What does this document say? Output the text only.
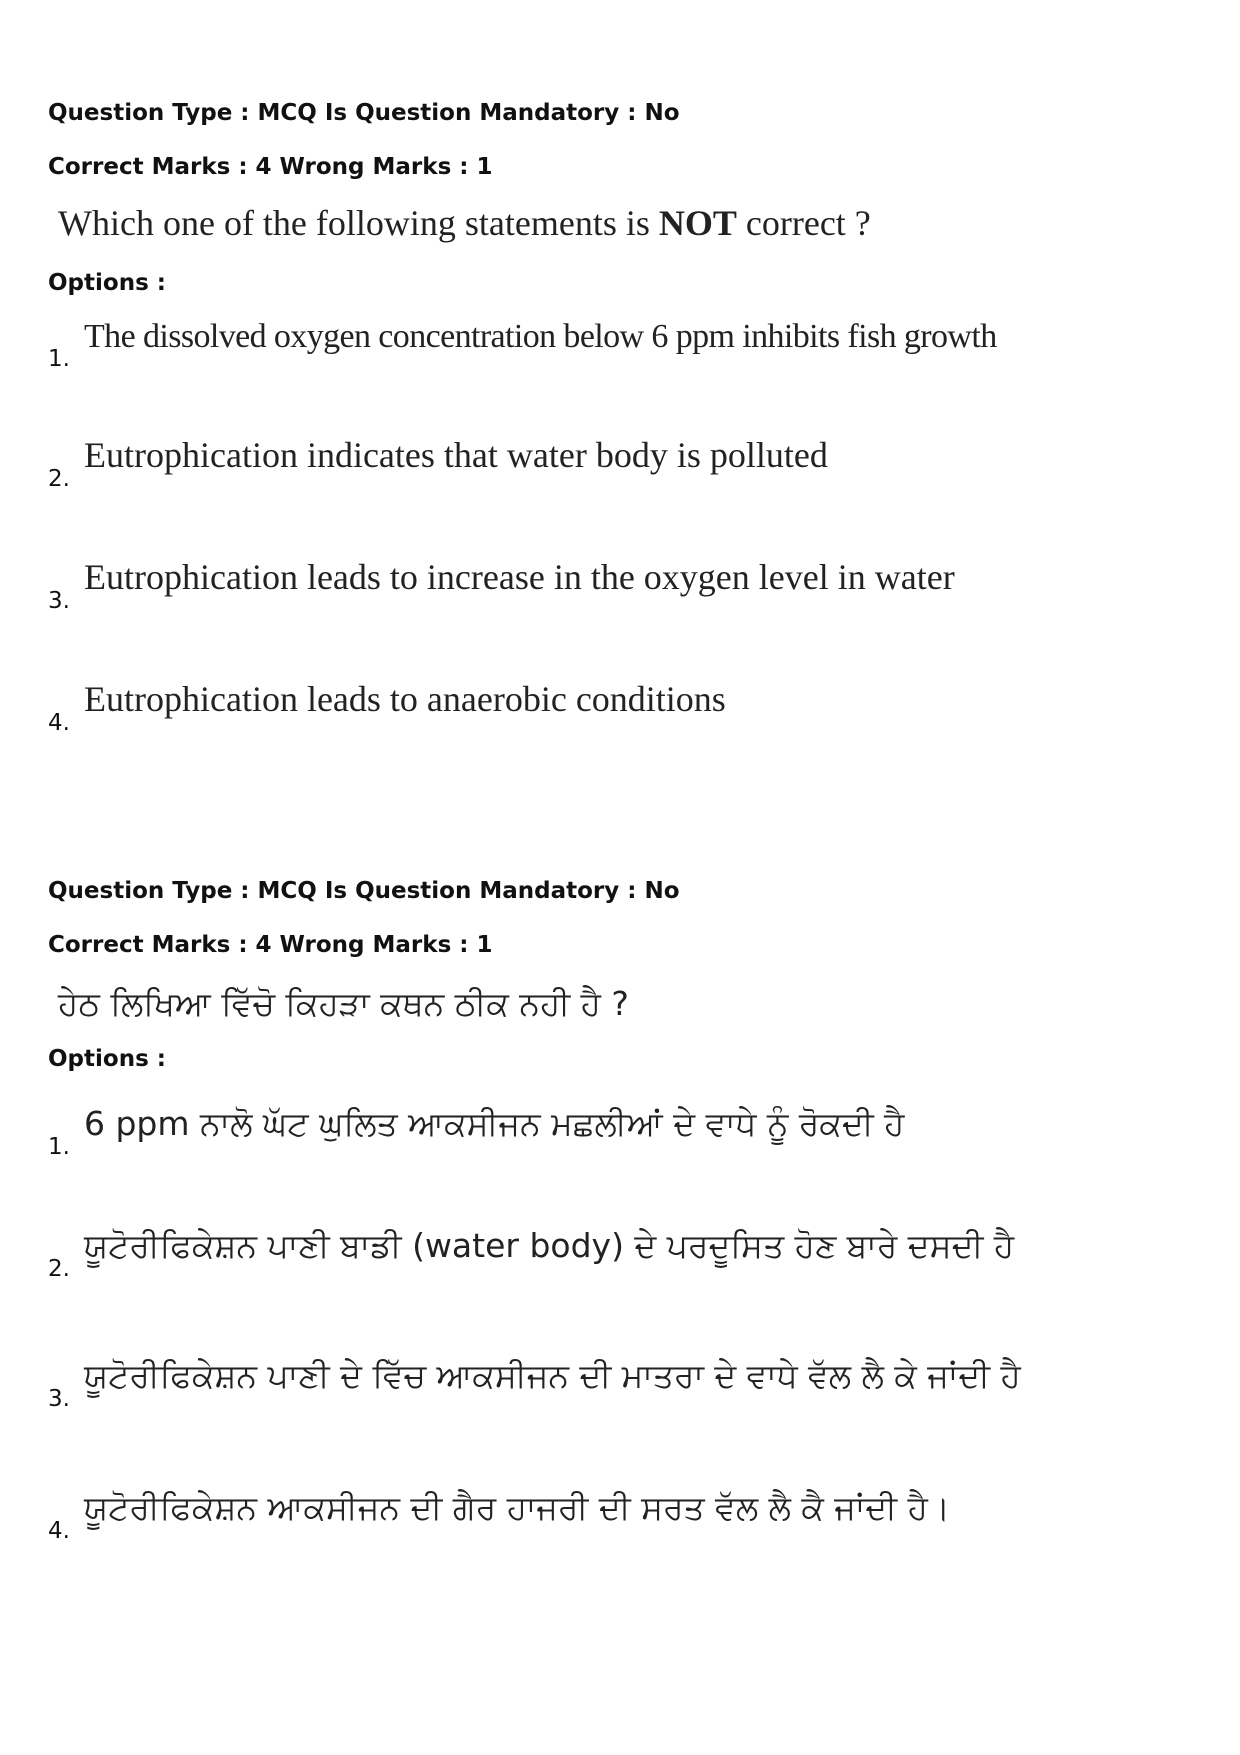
Question Type : MCQ Is Question Mandatory : No
Correct Marks : 4 Wrong Marks : 1
Which one of the following statements is NOT correct ?
Options :
1.
The dissolved oxygen concentration below 6 ppm inhibits fish growth
2.
Eutrophication indicates that water body is polluted
3.
Eutrophication leads to increase in the oxygen level in water
4.
Eutrophication leads to anaerobic conditions
Question Type : MCQ Is Question Mandatory : No
Correct Marks : 4 Wrong Marks : 1
ਹੇਠ ਲਿਖਿਆ ਵਿੱਚੋ ਕਿਹੜਾ ਕਥਨ ਠੀਕ ਨਹੀ ਹੈ ?
Options :
1.
6 ppm ਨਾਲੋ ਘੱਟ ਘੁਲਿਤ ਆਕਸੀਜਨ ਮਛਲੀਆਂ ਦੇ ਵਾਧੇ ਨੂੰ ਰੋਕਦੀ ਹੈ
2.
ਯੂਟੋਰੀਫਿਕੇਸ਼ਨ ਪਾਣੀ ਬਾਡੀ (water body) ਦੇ ਪਰਦੂਸਿਤ ਹੋਣ ਬਾਰੇ ਦਸਦੀ ਹੈ
3.
ਯੂਟੋਰੀਫਿਕੇਸ਼ਨ ਪਾਣੀ ਦੇ ਵਿੱਚ ਆਕਸੀਜਨ ਦੀ ਮਾਤਰਾ ਦੇ ਵਾਧੇ ਵੱਲ ਲੈ ਕੇ ਜਾਂਦੀ ਹੈ
4.
ਯੂਟੋਰੀਫਿਕੇਸ਼ਨ ਆਕਸੀਜਨ ਦੀ ਗੈਰ ਹਾਜਰੀ ਦੀ ਸਰਤ ਵੱਲ ਲੈ ਕੈ ਜਾਂਦੀ ਹੈ।
